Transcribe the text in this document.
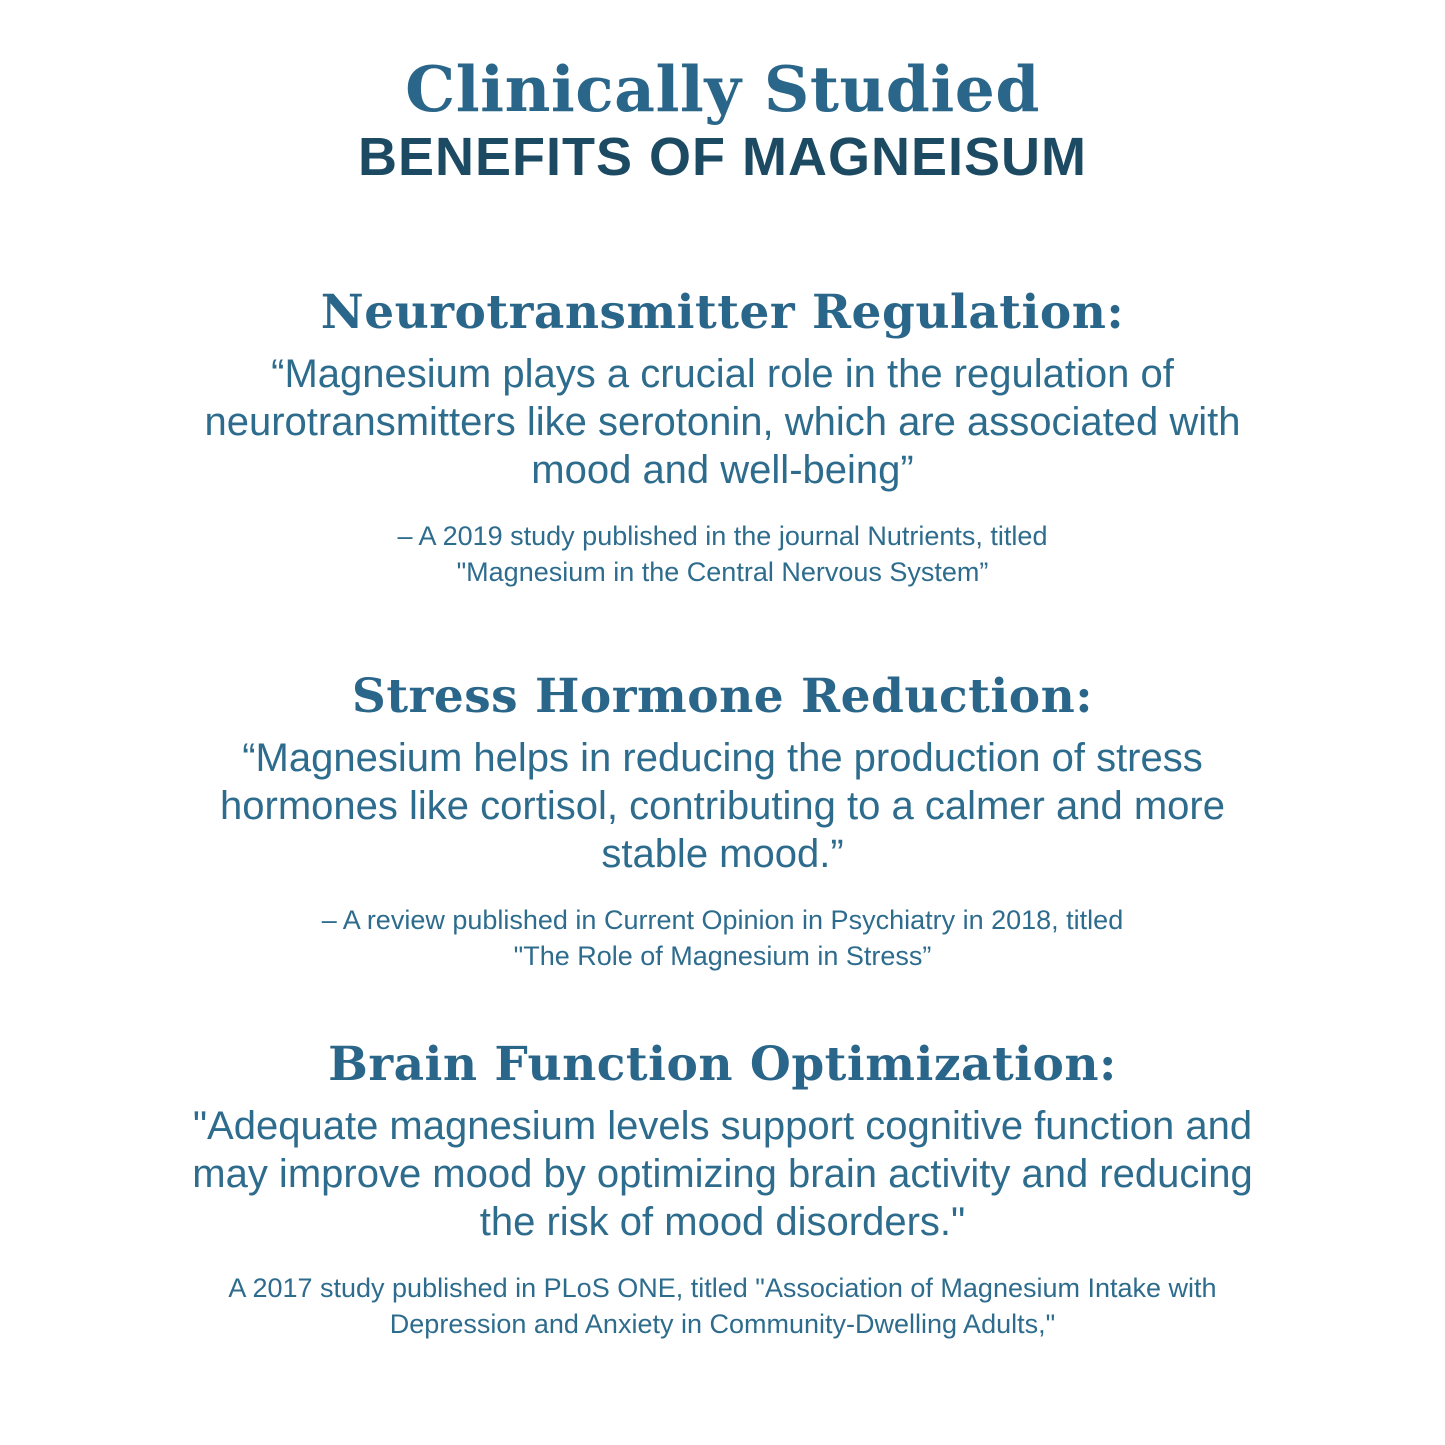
Clinically Studied
BENEFITS OF MAGNEISUM
Neurotransmitter Regulation:
“Magnesium plays a crucial role in the regulation of
neurotransmitters like serotonin, which are associated with
mood and well-being”
– A 2019 study published in the journal Nutrients, titled
"Magnesium in the Central Nervous System”
Stress Hormone Reduction:
“Magnesium helps in reducing the production of stress
hormones like cortisol, contributing to a calmer and more
stable mood.”
– A review published in Current Opinion in Psychiatry in 2018, titled
"The Role of Magnesium in Stress”
Brain Function Optimization:
"Adequate magnesium levels support cognitive function and
may improve mood by optimizing brain activity and reducing
the risk of mood disorders."
A 2017 study published in PLoS ONE, titled "Association of Magnesium Intake with
Depression and Anxiety in Community-Dwelling Adults,"
